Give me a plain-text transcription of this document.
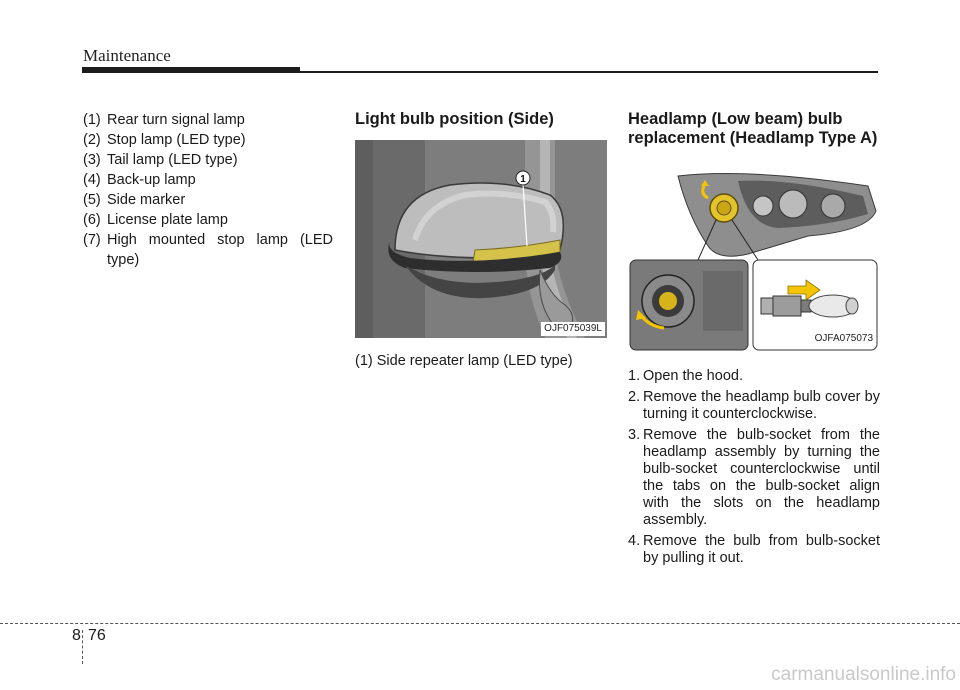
Maintenance
(1) Rear turn signal lamp
(2) Stop lamp (LED type)
(3) Tail lamp (LED type)
(4) Back-up lamp
(5) Side marker
(6) License plate lamp
(7) High mounted stop lamp (LED
type)
Light bulb position (Side)
1
OJF075039L
(1) Side repeater lamp (LED type)
Headlamp (Low beam) bulb
replacement (Headlamp Type A)
OJFA075073
1. Open the hood.
2. Remove the headlamp bulb cover by turning it counterclockwise.
3. Remove the bulb-socket from the headlamp assembly by turning the bulb-socket counterclockwise until the tabs on the bulb-socket align with the slots on the headlamp assembly.
4. Remove the bulb from bulb-socket by pulling it out.
8 76
carmanualsonline.info
